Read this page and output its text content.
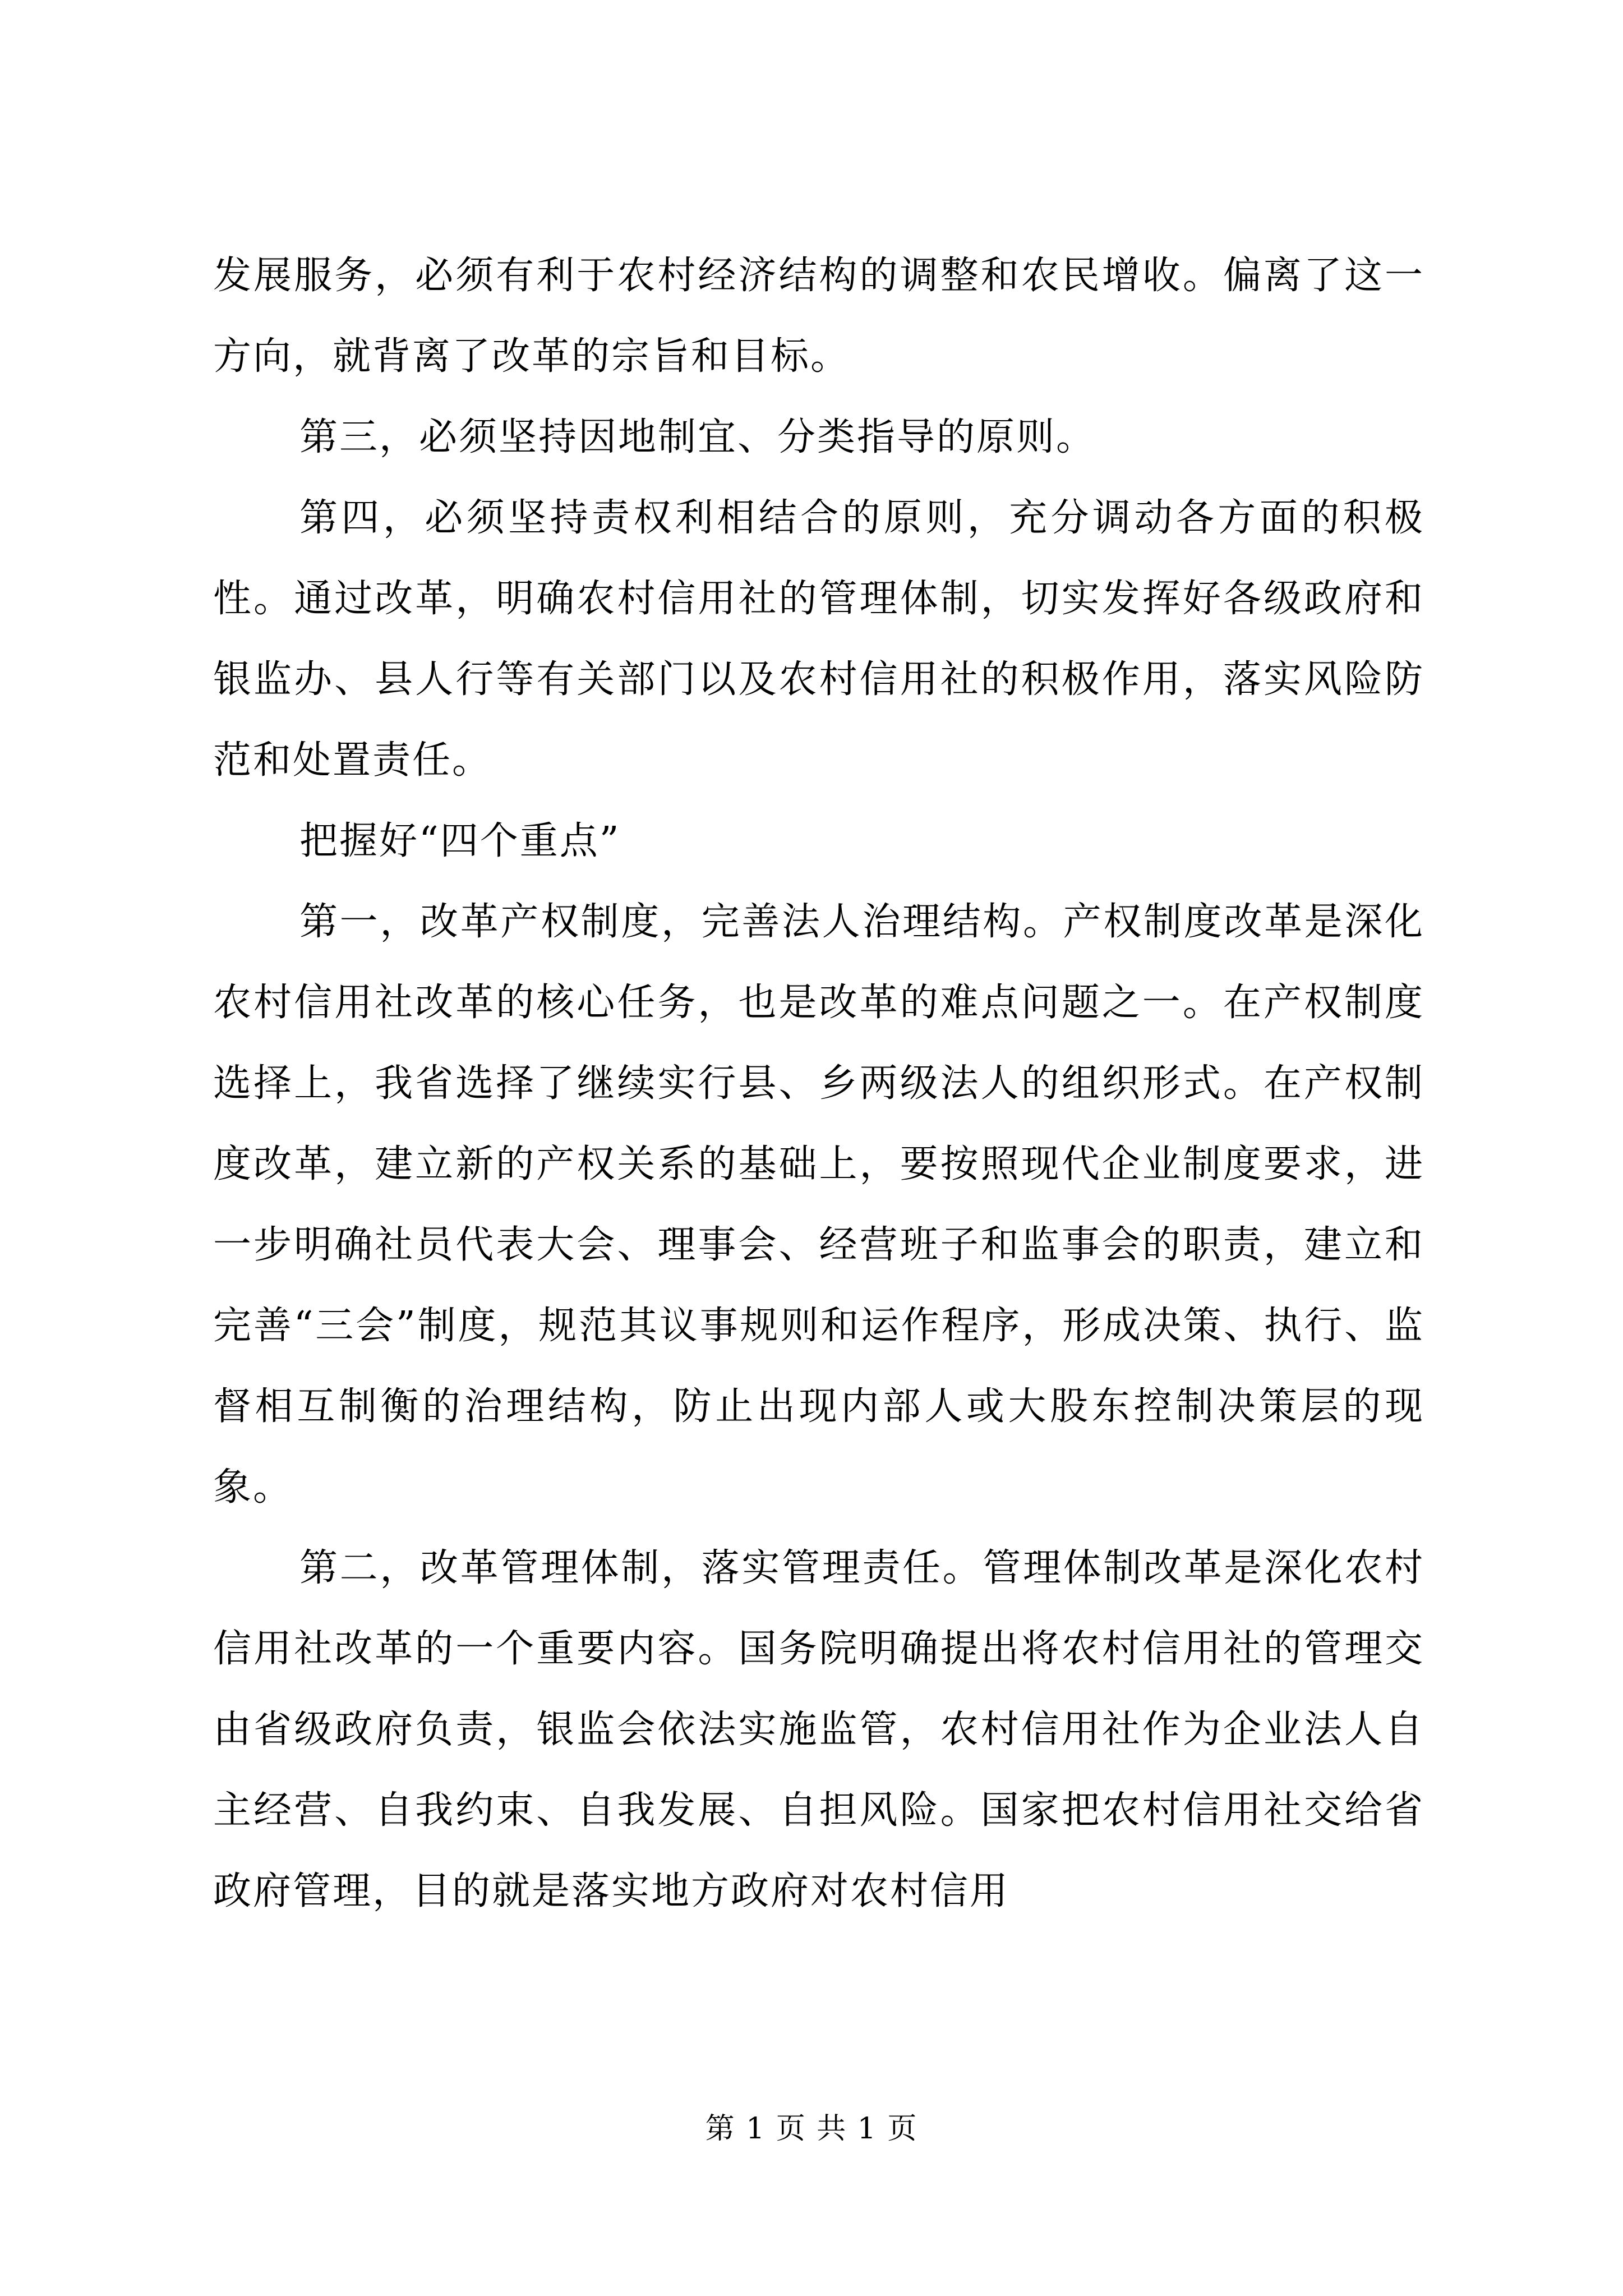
发展服务，必须有利于农村经济结构的调整和农民增收。偏离了这一方向，就背离了改革的宗旨和目标。

第三，必须坚持因地制宜、分类指导的原则。

第四，必须坚持责权利相结合的原则，充分调动各方面的积极性。通过改革，明确农村信用社的管理体制，切实发挥好各级政府和银监办、县人行等有关部门以及农村信用社的积极作用，落实风险防范和处置责任。

把握好“四个重点”

第一，改革产权制度，完善法人治理结构。产权制度改革是深化农村信用社改革的核心任务，也是改革的难点问题之一。在产权制度选择上，我省选择了继续实行县、乡两级法人的组织形式。在产权制度改革，建立新的产权关系的基础上，要按照现代企业制度要求，进一步明确社员代表大会、理事会、经营班子和监事会的职责，建立和完善“三会”制度，规范其议事规则和运作程序，形成决策、执行、监督相互制衡的治理结构，防止出现内部人或大股东控制决策层的现象。

第二，改革管理体制，落实管理责任。管理体制改革是深化农村信用社改革的一个重要内容。国务院明确提出将农村信用社的管理交由省级政府负责，银监会依法实施监管，农村信用社作为企业法人自主经营、自我约束、自我发展、自担风险。国家把农村信用社交给省政府管理，目的就是落实地方政府对农村信用

第 1 页 共 1 页
